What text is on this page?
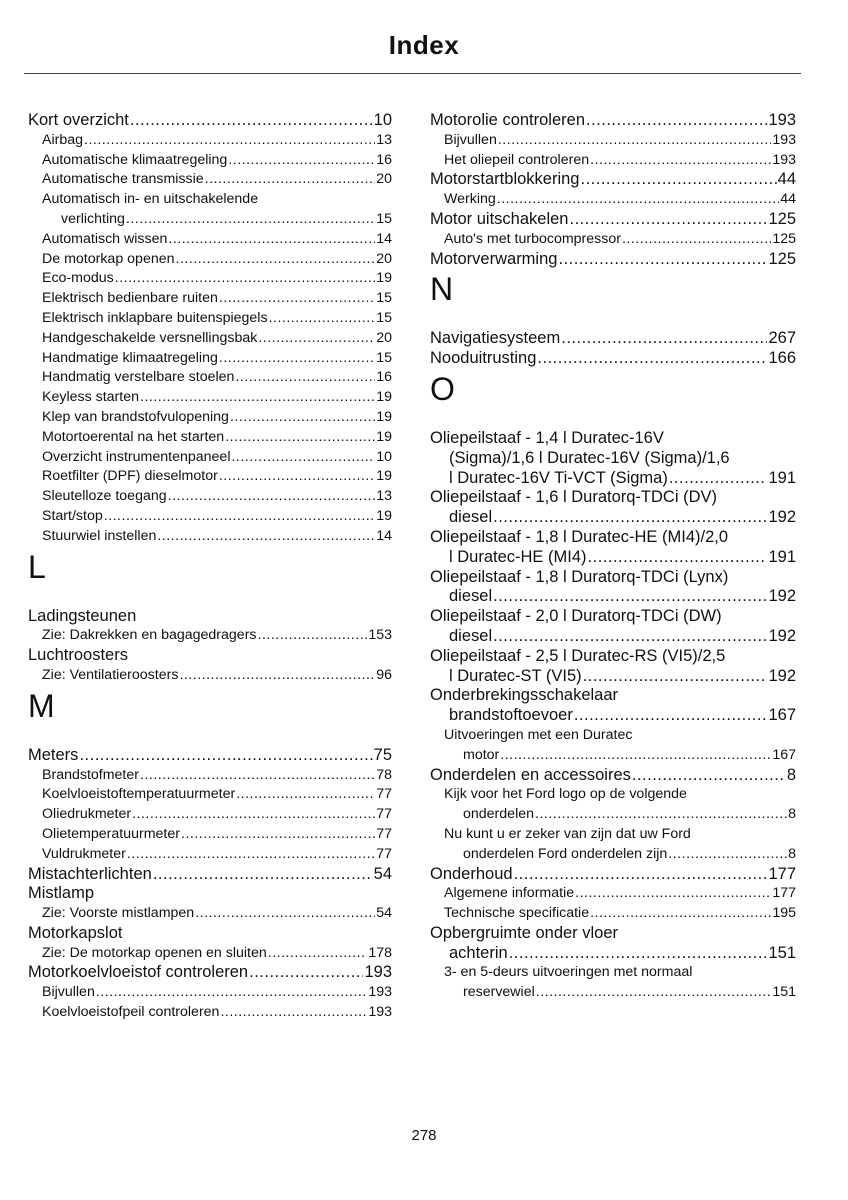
Index
Kort overzicht .....	10
Airbag .....	13
Automatische klimaatregeling .....	16
Automatische transmissie .....	20
Automatisch in- en uitschakelende
verlichting .....	15
Automatisch wissen .....	14
De motorkap openen .....	20
Eco-modus .....	19
Elektrisch bedienbare ruiten .....	15
Elektrisch inklapbare buitenspiegels .....	15
Handgeschakelde versnellingsbak .....	20
Handmatige klimaatregeling .....	15
Handmatig verstelbare stoelen .....	16
Keyless starten .....	19
Klep van brandstofvulopening .....	19
Motortoerental na het starten .....	19
Overzicht instrumentenpaneel .....	10
Roetfilter (DPF) dieselmotor .....	19
Sleutelloze toegang .....	13
Start/stop .....	19
Stuurwiel instellen .....	14
L
Ladingsteunen
Zie: Dakrekken en bagagedragers .....	153
Luchtroosters
Zie: Ventilatieroosters .....	96
M
Meters .....	75
Brandstofmeter .....	78
Koelvloeistoftemperatuurmeter .....	77
Oliedrukmeter .....	77
Olietemperatuurmeter .....	77
Vuldrukmeter .....	77
Mistachterlichten .....	54
Mistlamp
Zie: Voorste mistlampen .....	54
Motorkapslot
Zie: De motorkap openen en sluiten .....	178
Motorkoelvloeistof controleren .....	193
Bijvullen .....	193
Koelvloeistofpeil controleren .....	193
Motorolie controleren .....	193
Bijvullen .....	193
Het oliepeil controleren .....	193
Motorstartblokkering .....	44
Werking .....	44
Motor uitschakelen .....	125
Auto's met turbocompressor .....	125
Motorverwarming .....	125
N
Navigatiesysteem .....	267
Nooduitrusting .....	166
O
Oliepeilstaaf - 1,4 l Duratec-16V
(Sigma)/1,6 l Duratec-16V (Sigma)/1,6
l Duratec-16V Ti-VCT (Sigma) .....	191
Oliepeilstaaf - 1,6 l Duratorq-TDCi (DV)
diesel .....	192
Oliepeilstaaf - 1,8 l Duratec-HE (MI4)/2,0
l Duratec-HE (MI4) .....	191
Oliepeilstaaf - 1,8 l Duratorq-TDCi (Lynx)
diesel .....	192
Oliepeilstaaf - 2,0 l Duratorq-TDCi (DW)
diesel .....	192
Oliepeilstaaf - 2,5 l Duratec-RS (VI5)/2,5
l Duratec-ST (VI5) .....	192
Onderbrekingsschakelaar
brandstoftoevoer .....	167
Uitvoeringen met een Duratec
motor .....	167
Onderdelen en accessoires .....	8
Kijk voor het Ford logo op de volgende
onderdelen .....	8
Nu kunt u er zeker van zijn dat uw Ford
onderdelen Ford onderdelen zijn .....	8
Onderhoud .....	177
Algemene informatie .....	177
Technische specificatie .....	195
Opbergruimte onder vloer
achterin .....	151
3- en 5-deurs uitvoeringen met normaal
reservewiel .....	151
278
